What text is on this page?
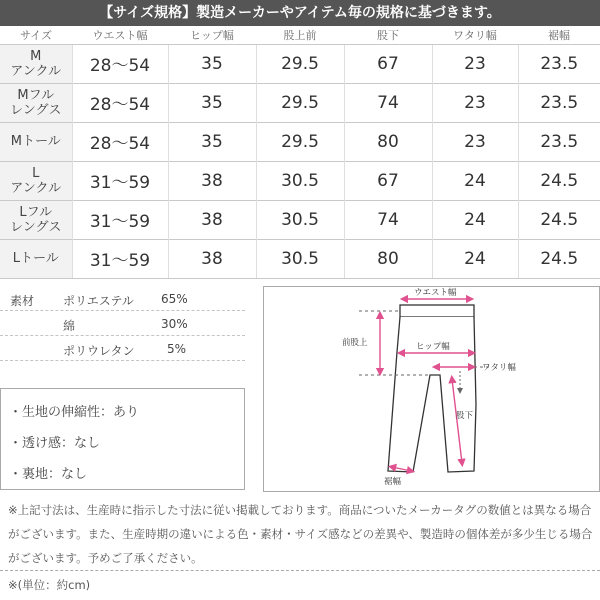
【サイズ規格】製造メーカーやアイテム毎の規格に基づきます。
サイズ	ウエスト幅	ヒップ幅	股上前	股下	ワタリ幅	裾幅
M
アンクル	28〜54	35	29.5	67	23	23.5
Mフル
レングス	28〜54	35	29.5	74	23	23.5
Mトール	28〜54	35	29.5	80	23	23.5
L
アンクル	31〜59	38	30.5	67	24	24.5
Lフル
レングス	31〜59	38	30.5	74	24	24.5
Lトール	31〜59	38	30.5	80	24	24.5
素材 ポリエステル 65%
綿	30%
ポリウレタン	5%
・生地の伸縮性：あり
・透け感：なし
・裏地：なし
ウエスト幅
前股上	ヒップ幅
ワタリ幅
股下
裾幅
※上記寸法は、生産時に指示した寸法に従い掲載しております。商品についたメーカータグの数値とは異なる場合がございます。また、生産時期の違いによる色・素材・サイズ感などの差異や、製造時の個体差が多少生じる場合がございます。予めご了承ください。
※(単位：約cm)
